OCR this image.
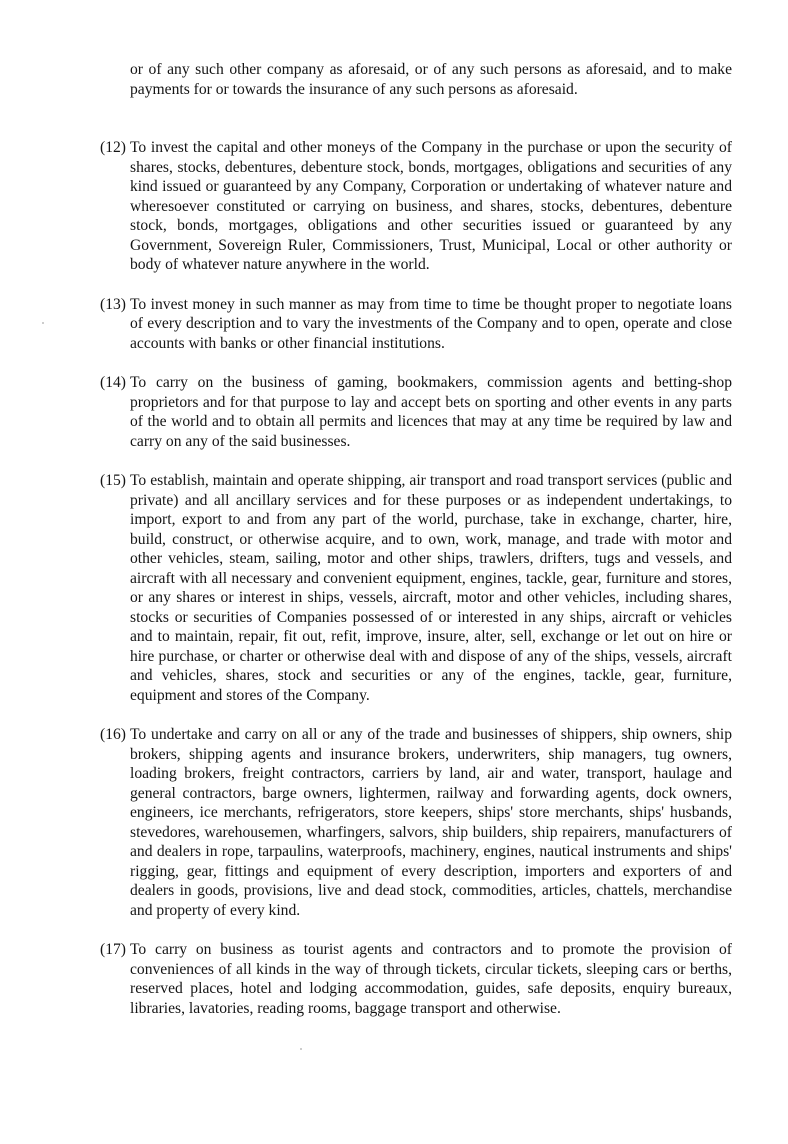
or of any such other company as aforesaid, or of any such persons as aforesaid, and to make payments for or towards the insurance of any such persons as aforesaid.
(12) To invest the capital and other moneys of the Company in the purchase or upon the security of shares, stocks, debentures, debenture stock, bonds, mortgages, obligations and securities of any kind issued or guaranteed by any Company, Corporation or undertaking of whatever nature and wheresoever constituted or carrying on business, and shares, stocks, debentures, debenture stock, bonds, mortgages, obligations and other securities issued or guaranteed by any Government, Sovereign Ruler, Commissioners, Trust, Municipal, Local or other authority or body of whatever nature anywhere in the world.
(13) To invest money in such manner as may from time to time be thought proper to negotiate loans of every description and to vary the investments of the Company and to open, operate and close accounts with banks or other financial institutions.
(14) To carry on the business of gaming, bookmakers, commission agents and betting-shop proprietors and for that purpose to lay and accept bets on sporting and other events in any parts of the world and to obtain all permits and licences that may at any time be required by law and carry on any of the said businesses.
(15) To establish, maintain and operate shipping, air transport and road transport services (public and private) and all ancillary services and for these purposes or as independent undertakings, to import, export to and from any part of the world, purchase, take in exchange, charter, hire, build, construct, or otherwise acquire, and to own, work, manage, and trade with motor and other vehicles, steam, sailing, motor and other ships, trawlers, drifters, tugs and vessels, and aircraft with all necessary and convenient equipment, engines, tackle, gear, furniture and stores, or any shares or interest in ships, vessels, aircraft, motor and other vehicles, including shares, stocks or securities of Companies possessed of or interested in any ships, aircraft or vehicles and to maintain, repair, fit out, refit, improve, insure, alter, sell, exchange or let out on hire or hire purchase, or charter or otherwise deal with and dispose of any of the ships, vessels, aircraft and vehicles, shares, stock and securities or any of the engines, tackle, gear, furniture, equipment and stores of the Company.
(16) To undertake and carry on all or any of the trade and businesses of shippers, ship owners, ship brokers, shipping agents and insurance brokers, underwriters, ship managers, tug owners, loading brokers, freight contractors, carriers by land, air and water, transport, haulage and general contractors, barge owners, lightermen, railway and forwarding agents, dock owners, engineers, ice merchants, refrigerators, store keepers, ships' store merchants, ships' husbands, stevedores, warehousemen, wharfingers, salvors, ship builders, ship repairers, manufacturers of and dealers in rope, tarpaulins, waterproofs, machinery, engines, nautical instruments and ships' rigging, gear, fittings and equipment of every description, importers and exporters of and dealers in goods, provisions, live and dead stock, commodities, articles, chattels, merchandise and property of every kind.
(17) To carry on business as tourist agents and contractors and to promote the provision of conveniences of all kinds in the way of through tickets, circular tickets, sleeping cars or berths, reserved places, hotel and lodging accommodation, guides, safe deposits, enquiry bureaux, libraries, lavatories, reading rooms, baggage transport and otherwise.
